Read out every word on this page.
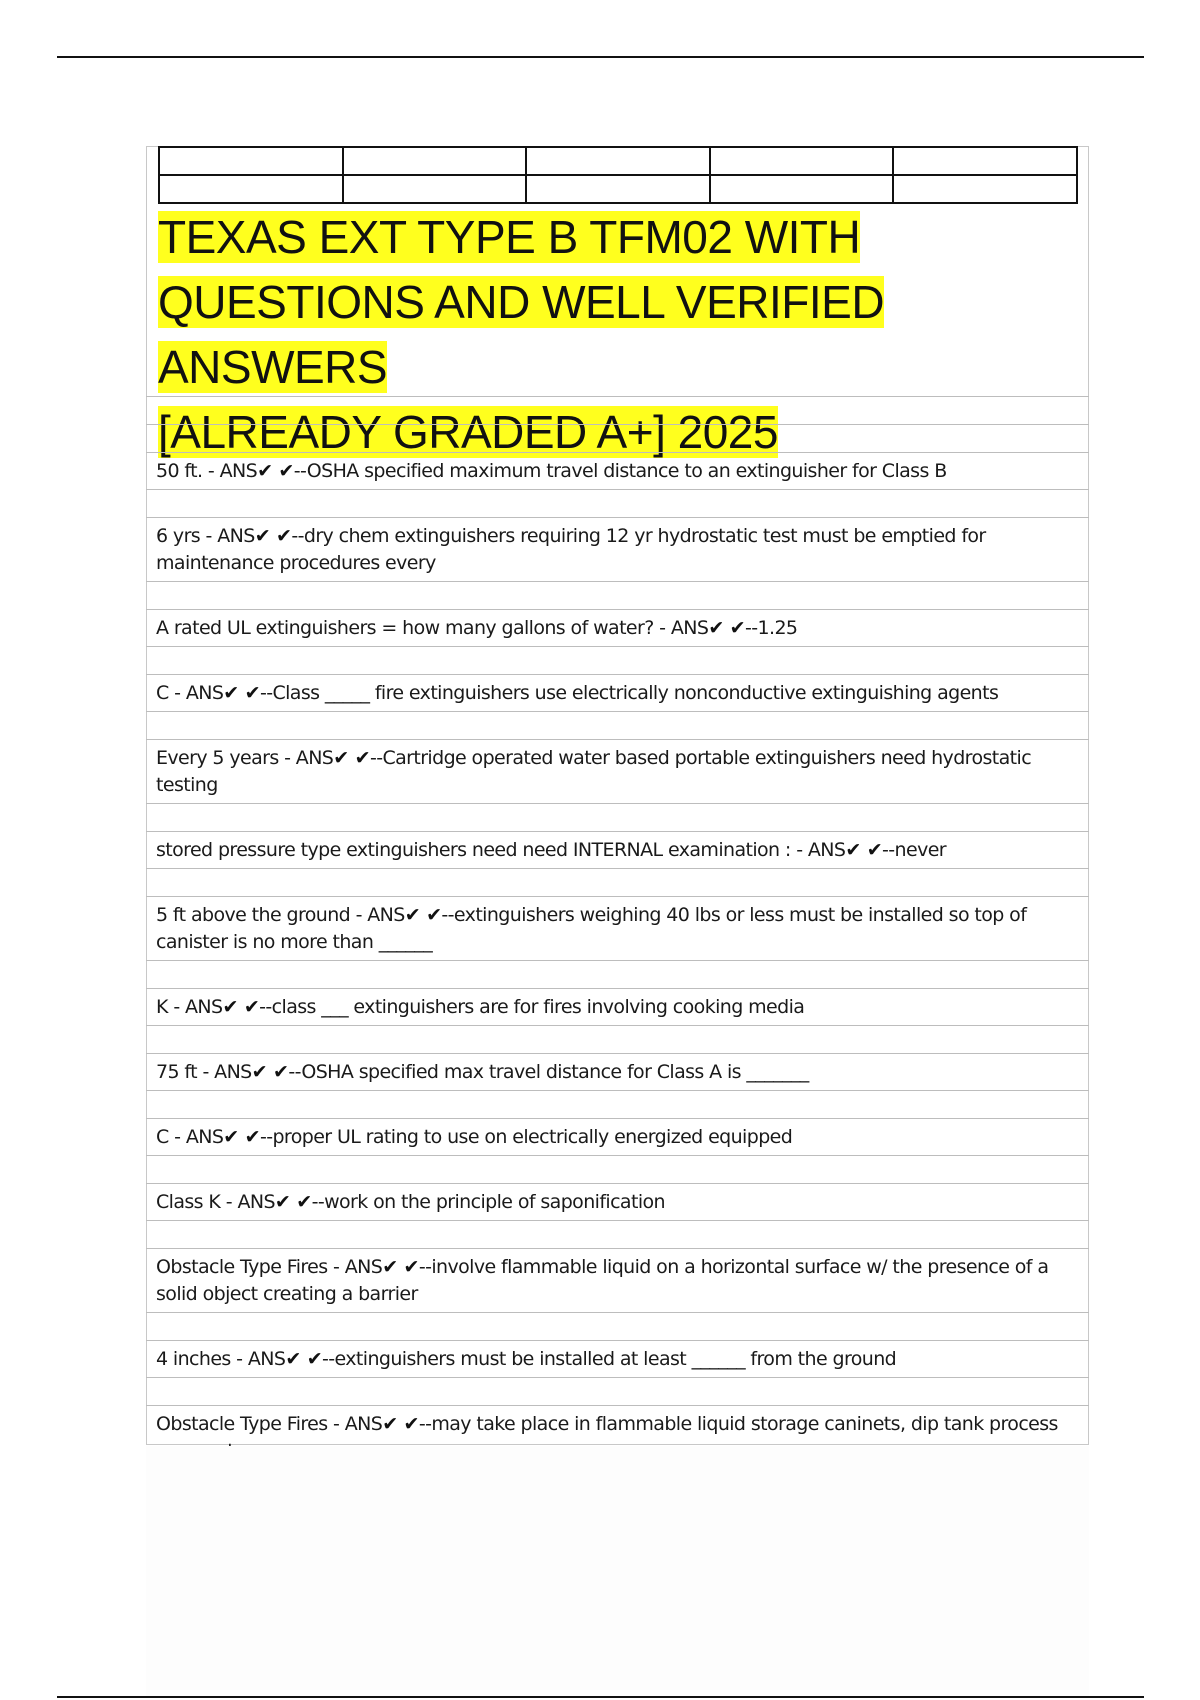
TEXAS EXT TYPE B TFM02 WITH
QUESTIONS AND WELL VERIFIED ANSWERS
[ALREADY GRADED A+] 2025
50 ft. - ANS✔ ✔--OSHA specified maximum travel distance to an extinguisher for Class B
6 yrs - ANS✔ ✔--dry chem extinguishers requiring 12 yr hydrostatic test must be emptied for maintenance procedures every
A rated UL extinguishers = how many gallons of water? - ANS✔ ✔--1.25
C - ANS✔ ✔--Class _____ fire extinguishers use electrically nonconductive extinguishing agents
Every 5 years - ANS✔ ✔--Cartridge operated water based portable extinguishers need hydrostatic testing
stored pressure type extinguishers need need INTERNAL examination : - ANS✔ ✔--never
5 ft above the ground - ANS✔ ✔--extinguishers weighing 40 lbs or less must be installed so top of canister is no more than ______
K - ANS✔ ✔--class ___ extinguishers are for fires involving cooking media
75 ft - ANS✔ ✔--OSHA specified max travel distance for Class A is _______
C - ANS✔ ✔--proper UL rating to use on electrically energized equipped
Class K - ANS✔ ✔--work on the principle of saponification
Obstacle Type Fires - ANS✔ ✔--involve flammable liquid on a horizontal surface w/ the presence of a solid object creating a barrier
4 inches - ANS✔ ✔--extinguishers must be installed at least ______ from the ground
Obstacle Type Fires - ANS✔ ✔--may take place in flammable liquid storage caninets, dip tank process
